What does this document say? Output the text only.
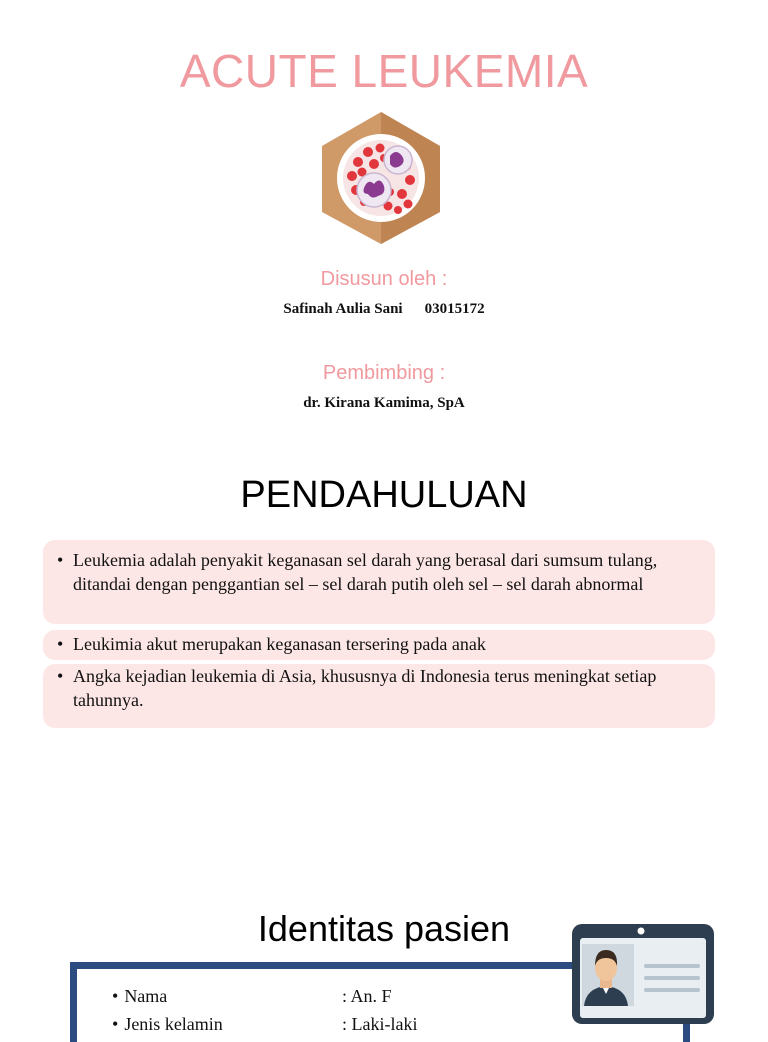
ACUTE LEUKEMIA
Disusun oleh :
Safinah Aulia Sani 03015172
Pembimbing :
dr. Kirana Kamima, SpA
PENDAHULUAN
• Leukemia adalah penyakit keganasan sel darah yang berasal dari sumsum tulang, ditandai dengan penggantian sel – sel darah putih oleh sel – sel darah abnormal
• Leukimia akut merupakan keganasan tersering pada anak
• Angka kejadian leukemia di Asia, khususnya di Indonesia terus meningkat setiap tahunnya.
Identitas pasien
• Nama	: An. F
• Jenis kelamin	: Laki-laki
